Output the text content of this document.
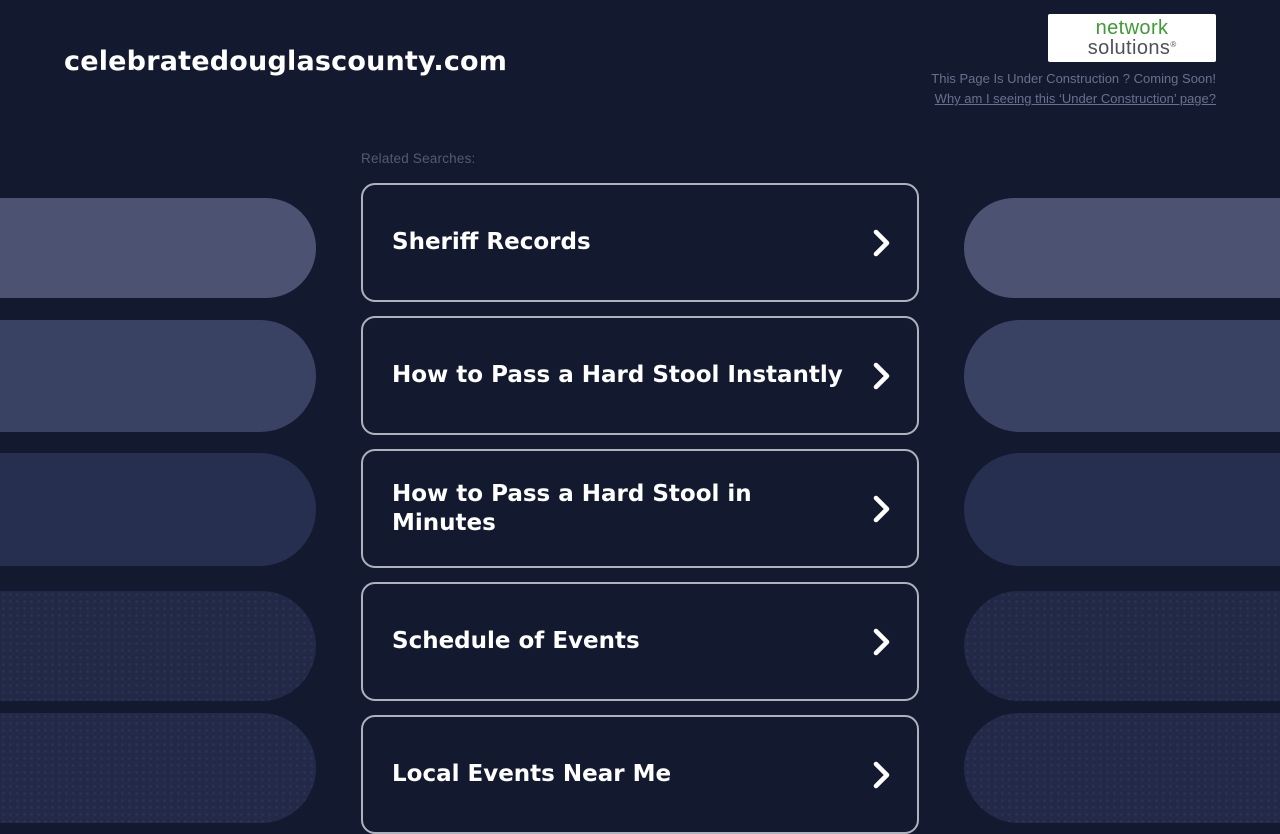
celebratedouglascounty.com
network
solutions®
This Page Is Under Construction ? Coming Soon!
Why am I seeing this ‘Under Construction’ page?
Related Searches:
Sheriff Records
How to Pass a Hard Stool Instantly
How to Pass a Hard Stool in Minutes
Schedule of Events
Local Events Near Me
